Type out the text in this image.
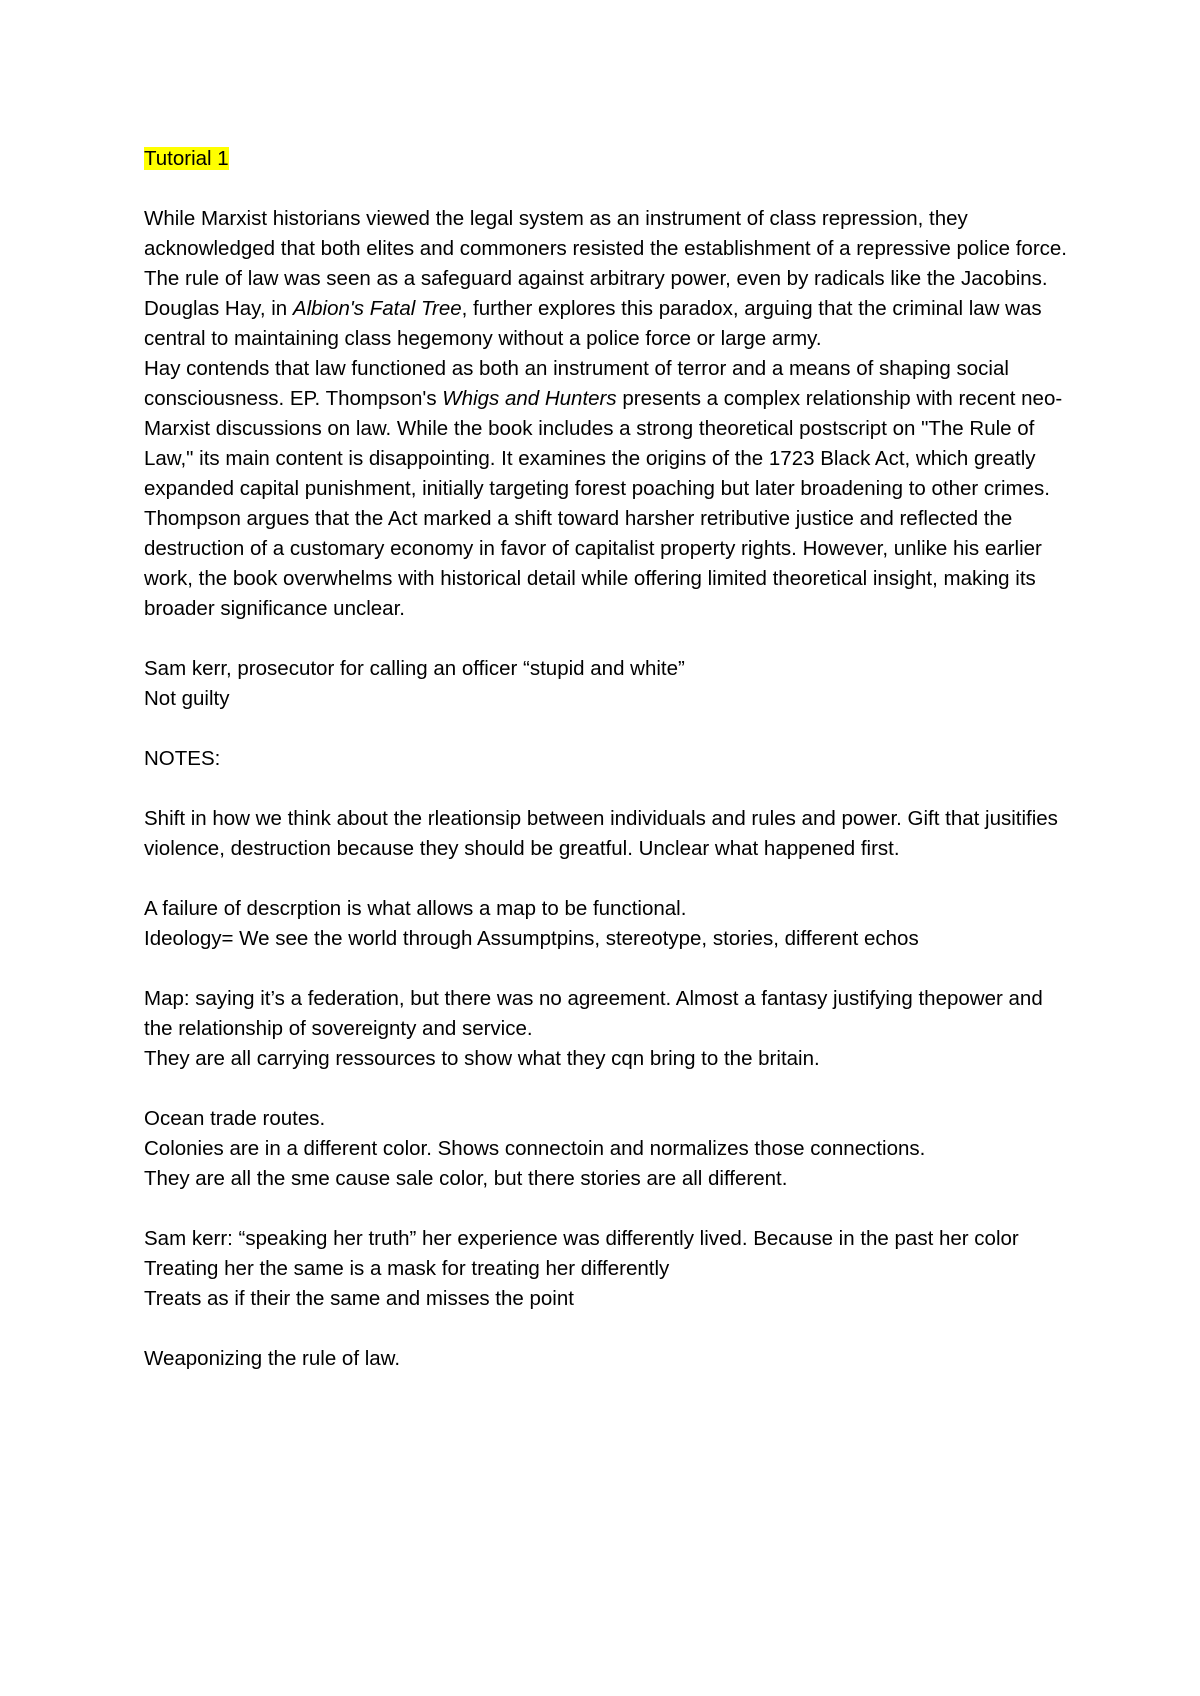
Tutorial 1

While Marxist historians viewed the legal system as an instrument of class repression, they acknowledged that both elites and commoners resisted the establishment of a repressive police force. The rule of law was seen as a safeguard against arbitrary power, even by radicals like the Jacobins.

Douglas Hay, in Albion's Fatal Tree, further explores this paradox, arguing that the criminal law was central to maintaining class hegemony without a police force or large army.

Hay contends that law functioned as both an instrument of terror and a means of shaping social consciousness. EP. Thompson's Whigs and Hunters presents a complex relationship with recent neo-Marxist discussions on law. While the book includes a strong theoretical postscript on "The Rule of Law," its main content is disappointing. It examines the origins of the 1723 Black Act, which greatly expanded capital punishment, initially targeting forest poaching but later broadening to other crimes. Thompson argues that the Act marked a shift toward harsher retributive justice and reflected the destruction of a customary economy in favor of capitalist property rights. However, unlike his earlier work, the book overwhelms with historical detail while offering limited theoretical insight, making its broader significance unclear.

Sam kerr, prosecutor for calling an officer “stupid and white”

Not guilty

NOTES:

Shift in how we think about the rleationsip between individuals and rules and power. Gift that jusitifies violence, destruction because they should be greatful. Unclear what happened first.

A failure of descrption is what allows a map to be functional.

Ideology= We see the world through Assumptpins, stereotype, stories, different echos

Map: saying it’s a federation, but there was no agreement. Almost a fantasy justifying thepower and the relationship of sovereignty and service.

They are all carrying ressources to show what they cqn bring to the britain.

Ocean trade routes.

Colonies are in a different color. Shows connectoin and normalizes those connections.

They are all the sme cause sale color, but there stories are all different.

Sam kerr: “speaking her truth” her experience was differently lived. Because in the past her color

Treating her the same is a mask for treating her differently

Treats as if their the same and misses the point

Weaponizing the rule of law.
